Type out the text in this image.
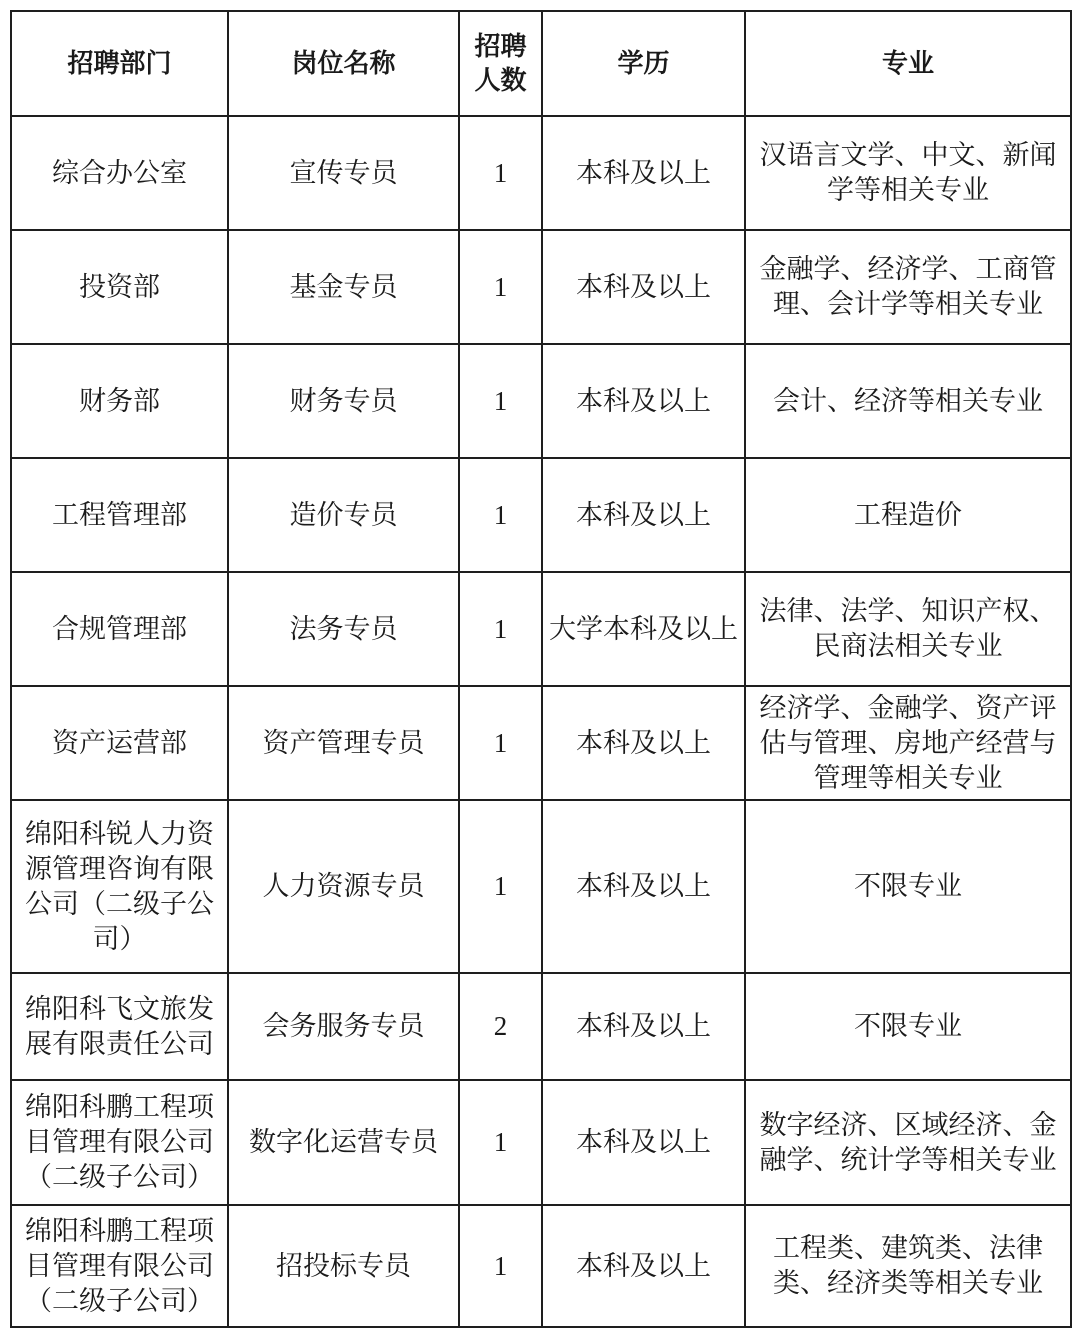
招聘部门	岗位名称	招聘人数	学历	专业
综合办公室	宣传专员	1	本科及以上	汉语言文学、中文、新闻学等相关专业
投资部	基金专员	1	本科及以上	金融学、经济学、工商管理、会计学等相关专业
财务部	财务专员	1	本科及以上	会计、经济等相关专业
工程管理部	造价专员	1	本科及以上	工程造价
合规管理部	法务专员	1	大学本科及以上	法律、法学、知识产权、民商法相关专业
资产运营部	资产管理专员	1	本科及以上	经济学、金融学、资产评估与管理、房地产经营与管理等相关专业
绵阳科锐人力资源管理咨询有限公司（二级子公司）	人力资源专员	1	本科及以上	不限专业
绵阳科飞文旅发展有限责任公司	会务服务专员	2	本科及以上	不限专业
绵阳科鹏工程项目管理有限公司（二级子公司）	数字化运营专员	1	本科及以上	数字经济、区域经济、金融学、统计学等相关专业
绵阳科鹏工程项目管理有限公司（二级子公司）	招投标专员	1	本科及以上	工程类、建筑类、法律类、经济类等相关专业
